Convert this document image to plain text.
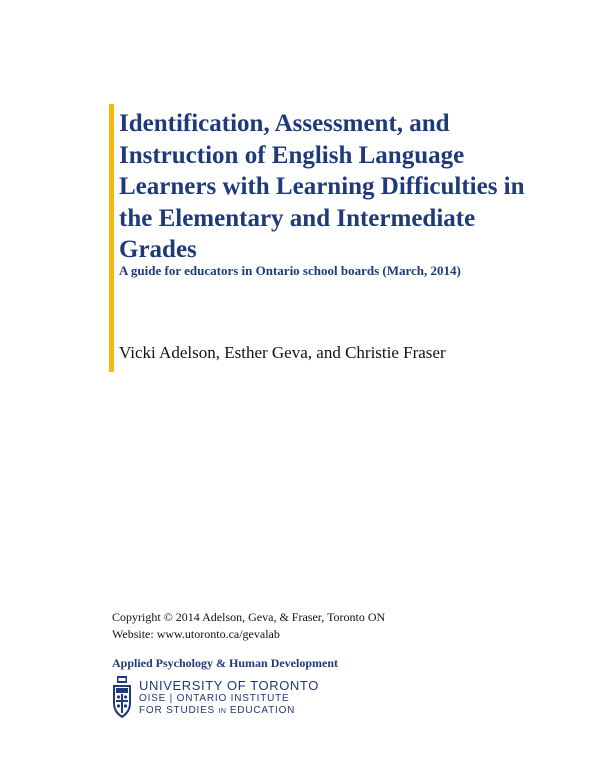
Identification, Assessment, and
Instruction of English Language
Learners with Learning Difficulties in
the Elementary and Intermediate
Grades
A guide for educators in Ontario school boards (March, 2014)
Vicki Adelson, Esther Geva, and Christie Fraser
Copyright © 2014 Adelson, Geva, & Fraser, Toronto ON
Website: www.utoronto.ca/gevalab
Applied Psychology & Human Development
UNIVERSITY OF TORONTO
OISE | ONTARIO INSTITUTE
FOR STUDIES IN EDUCATION
